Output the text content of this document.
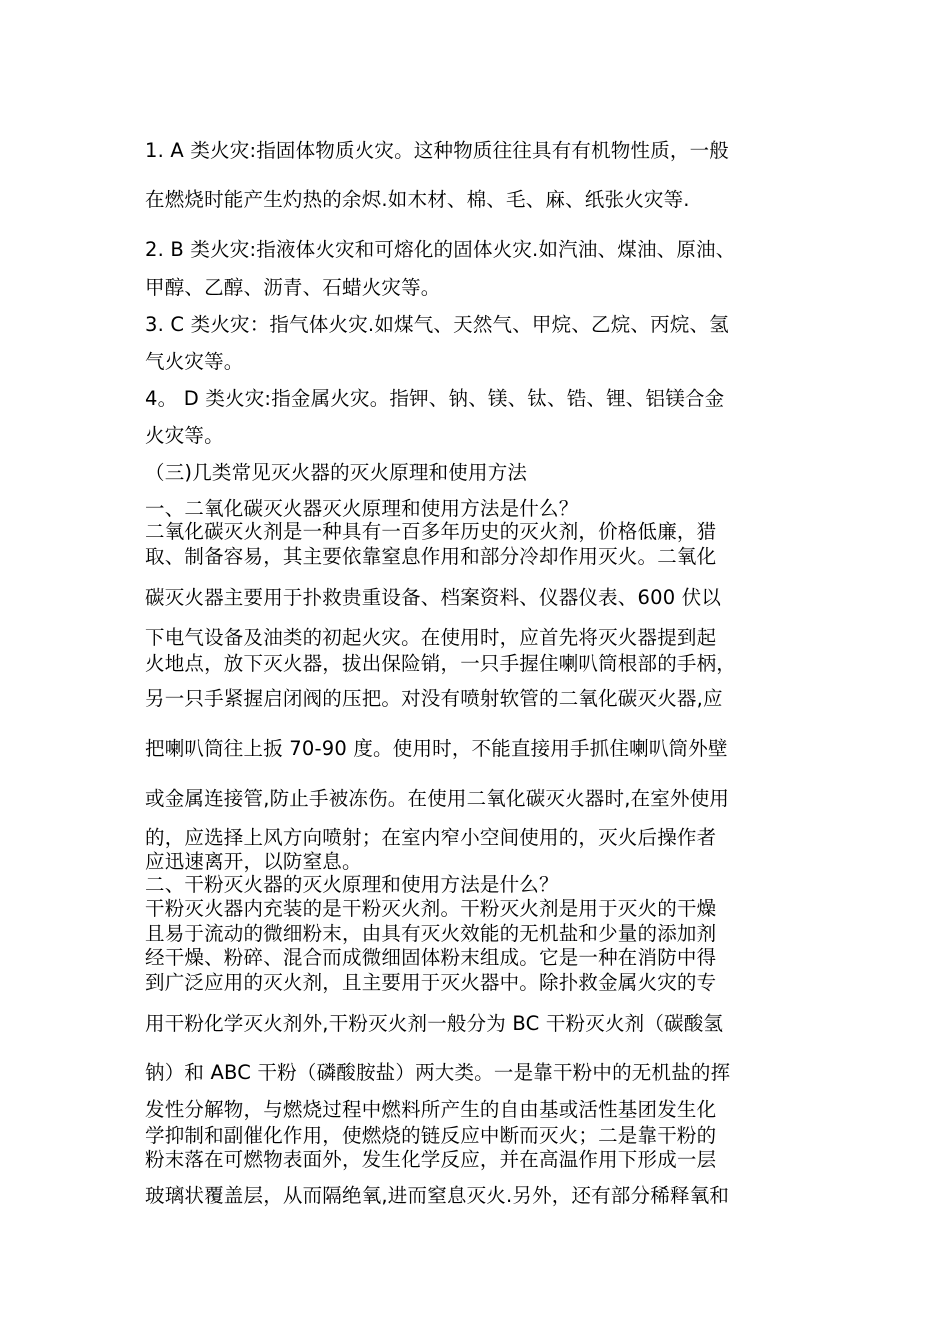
1. A 类火灾:指固体物质火灾。这种物质往往具有有机物性质，一般
在燃烧时能产生灼热的余烬.如木材、棉、毛、麻、纸张火灾等.
2. B 类火灾:指液体火灾和可熔化的固体火灾.如汽油、煤油、原油、
甲醇、乙醇、沥青、石蜡火灾等。
3. C 类火灾：指气体火灾.如煤气、天然气、甲烷、乙烷、丙烷、氢
气火灾等。
4。 D 类火灾:指金属火灾。指钾、钠、镁、钛、锆、锂、铝镁合金
火灾等。
（三)几类常见灭火器的灭火原理和使用方法
一、二氧化碳灭火器灭火原理和使用方法是什么？
二氧化碳灭火剂是一种具有一百多年历史的灭火剂，价格低廉，猎
取、制备容易，其主要依靠窒息作用和部分冷却作用灭火。二氧化
碳灭火器主要用于扑救贵重设备、档案资料、仪器仪表、600 伏以
下电气设备及油类的初起火灾。在使用时，应首先将灭火器提到起
火地点，放下灭火器，拔出保险销，一只手握住喇叭筒根部的手柄，
另一只手紧握启闭阀的压把。对没有喷射软管的二氧化碳灭火器,应
把喇叭筒往上扳 70-90 度。使用时，不能直接用手抓住喇叭筒外壁
或金属连接管,防止手被冻伤。在使用二氧化碳灭火器时,在室外使用
的，应选择上风方向喷射；在室内窄小空间使用的，灭火后操作者
应迅速离开，以防窒息。
二、干粉灭火器的灭火原理和使用方法是什么？
干粉灭火器内充装的是干粉灭火剂。干粉灭火剂是用于灭火的干燥
且易于流动的微细粉末，由具有灭火效能的无机盐和少量的添加剂
经干燥、粉碎、混合而成微细固体粉末组成。它是一种在消防中得
到广泛应用的灭火剂，且主要用于灭火器中。除扑救金属火灾的专
用干粉化学灭火剂外,干粉灭火剂一般分为 BC 干粉灭火剂（碳酸氢
钠）和 ABC 干粉（磷酸胺盐）两大类。一是靠干粉中的无机盐的挥
发性分解物，与燃烧过程中燃料所产生的自由基或活性基团发生化
学抑制和副催化作用，使燃烧的链反应中断而灭火；二是靠干粉的
粉末落在可燃物表面外，发生化学反应，并在高温作用下形成一层
玻璃状覆盖层，从而隔绝氧,进而窒息灭火.另外，还有部分稀释氧和
